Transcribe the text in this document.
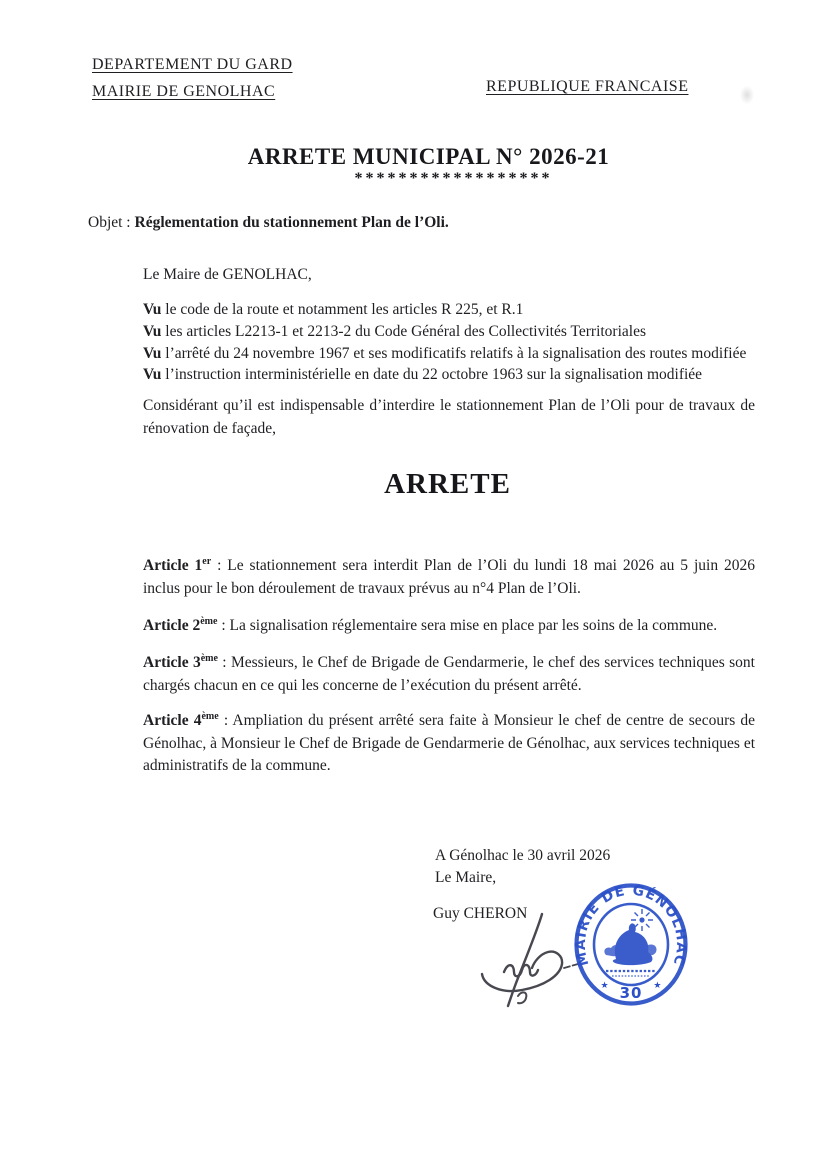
DEPARTEMENT DU GARD
MAIRIE DE GENOLHAC	REPUBLIQUE FRANCAISE
ARRETE MUNICIPAL N° 2026-21
******************
Objet : Réglementation du stationnement Plan de l’Oli.
Le Maire de GENOLHAC,
Vu le code de la route et notamment les articles R 225, et R.1
Vu les articles L2213-1 et 2213-2 du Code Général des Collectivités Territoriales
Vu l’arrêté du 24 novembre 1967 et ses modificatifs relatifs à la signalisation des routes modifiée
Vu l’instruction interministérielle en date du 22 octobre 1963 sur la signalisation modifiée
Considérant qu’il est indispensable d’interdire le stationnement Plan de l’Oli pour de travaux de rénovation de façade,
ARRETE
Article 1er : Le stationnement sera interdit Plan de l’Oli du lundi 18 mai 2026 au 5 juin 2026 inclus pour le bon déroulement de travaux prévus au n°4 Plan de l’Oli.
Article 2ème : La signalisation réglementaire sera mise en place par les soins de la commune.
Article 3ème : Messieurs, le Chef de Brigade de Gendarmerie, le chef des services techniques sont chargés chacun en ce qui les concerne de l’exécution du présent arrêté.
Article 4ème : Ampliation du présent arrêté sera faite à Monsieur le chef de centre de secours de Génolhac, à Monsieur le Chef de Brigade de Gendarmerie de Génolhac, aux services techniques et administratifs de la commune.
A Génolhac le 30 avril 2026
Le Maire,
Guy CHERON
MAIRIE DE GÉNOLHAC
★	★
30
